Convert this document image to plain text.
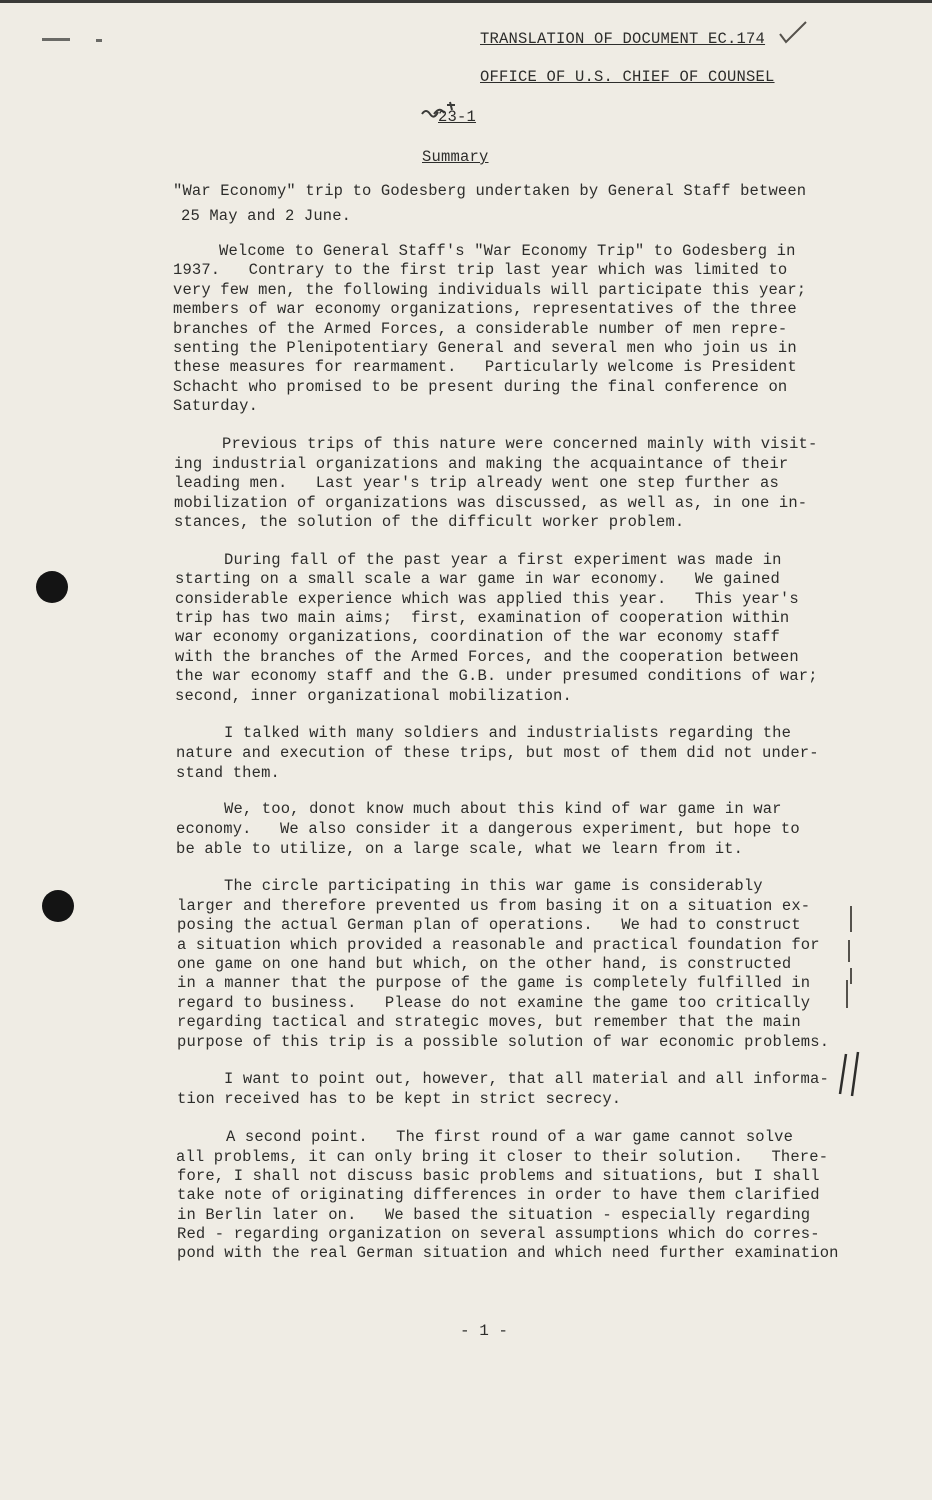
TRANSLATION OF DOCUMENT EC.174
OFFICE OF U.S. CHIEF OF COUNSEL
23-1
Summary
"War Economy" trip to Godesberg undertaken by General Staff between
25 May and 2 June.
Welcome to General Staff's "War Economy Trip" to Godesberg in
1937.   Contrary to the first trip last year which was limited to
very few men, the following individuals will participate this year;
members of war economy organizations, representatives of the three
branches of the Armed Forces, a considerable number of men repre-
senting the Plenipotentiary General and several men who join us in
these measures for rearmament.   Particularly welcome is President
Schacht who promised to be present during the final conference on
Saturday.
Previous trips of this nature were concerned mainly with visit-
ing industrial organizations and making the acquaintance of their
leading men.   Last year's trip already went one step further as
mobilization of organizations was discussed, as well as, in one in-
stances, the solution of the difficult worker problem.
During fall of the past year a first experiment was made in
starting on a small scale a war game in war economy.   We gained
considerable experience which was applied this year.   This year's
trip has two main aims;  first, examination of cooperation within
war economy organizations, coordination of the war economy staff
with the branches of the Armed Forces, and the cooperation between
the war economy staff and the G.B. under presumed conditions of war;
second, inner organizational mobilization.
I talked with many soldiers and industrialists regarding the
nature and execution of these trips, but most of them did not under-
stand them.
We, too, donot know much about this kind of war game in war
economy.   We also consider it a dangerous experiment, but hope to
be able to utilize, on a large scale, what we learn from it.
The circle participating in this war game is considerably
larger and therefore prevented us from basing it on a situation ex-
posing the actual German plan of operations.   We had to construct
a situation which provided a reasonable and practical foundation for
one game on one hand but which, on the other hand, is constructed
in a manner that the purpose of the game is completely fulfilled in
regard to business.   Please do not examine the game too critically
regarding tactical and strategic moves, but remember that the main
purpose of this trip is a possible solution of war economic problems.
I want to point out, however, that all material and all informa-
tion received has to be kept in strict secrecy.
A second point.   The first round of a war game cannot solve
all problems, it can only bring it closer to their solution.   There-
fore, I shall not discuss basic problems and situations, but I shall
take note of originating differences in order to have them clarified
in Berlin later on.   We based the situation - especially regarding
Red - regarding organization on several assumptions which do corres-
pond with the real German situation and which need further examination
- 1 -
